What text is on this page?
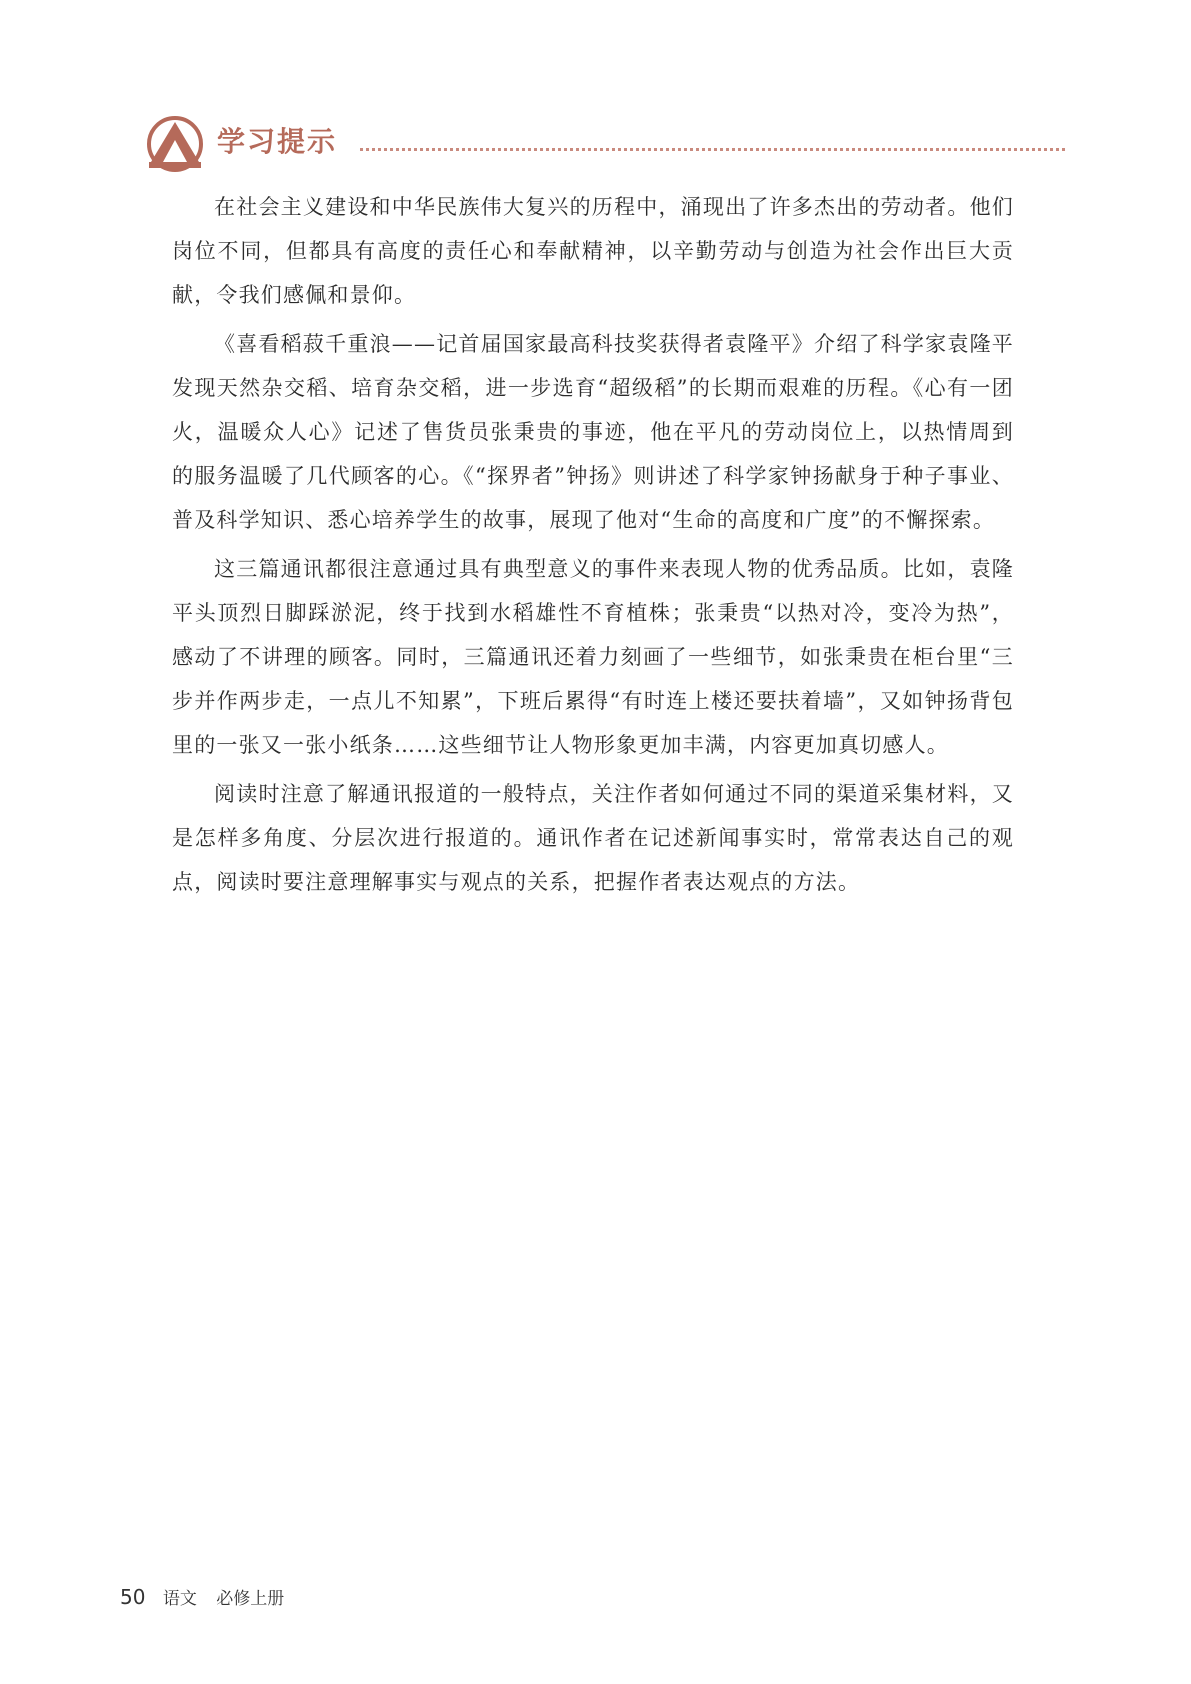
学习提示

在社会主义建设和中华民族伟大复兴的历程中，涌现出了许多杰出的劳动者。他们岗位不同，但都具有高度的责任心和奉献精神，以辛勤劳动与创造为社会作出巨大贡献，令我们感佩和景仰。

《喜看稻菽千重浪——记首届国家最高科技奖获得者袁隆平》介绍了科学家袁隆平发现天然杂交稻、培育杂交稻，进一步选育“超级稻”的长期而艰难的历程。《心有一团火，温暖众人心》记述了售货员张秉贵的事迹，他在平凡的劳动岗位上，以热情周到的服务温暖了几代顾客的心。《“探界者”钟扬》则讲述了科学家钟扬献身于种子事业、普及科学知识、悉心培养学生的故事，展现了他对“生命的高度和广度”的不懈探索。

这三篇通讯都很注意通过具有典型意义的事件来表现人物的优秀品质。比如，袁隆平头顶烈日脚踩淤泥，终于找到水稻雄性不育植株；张秉贵“以热对冷，变冷为热”，感动了不讲理的顾客。同时，三篇通讯还着力刻画了一些细节，如张秉贵在柜台里“三步并作两步走，一点儿不知累”，下班后累得“有时连上楼还要扶着墙”，又如钟扬背包里的一张又一张小纸条……这些细节让人物形象更加丰满，内容更加真切感人。

阅读时注意了解通讯报道的一般特点，关注作者如何通过不同的渠道采集材料，又是怎样多角度、分层次进行报道的。通讯作者在记述新闻事实时，常常表达自己的观点，阅读时要注意理解事实与观点的关系，把握作者表达观点的方法。

50 语文 必修上册
